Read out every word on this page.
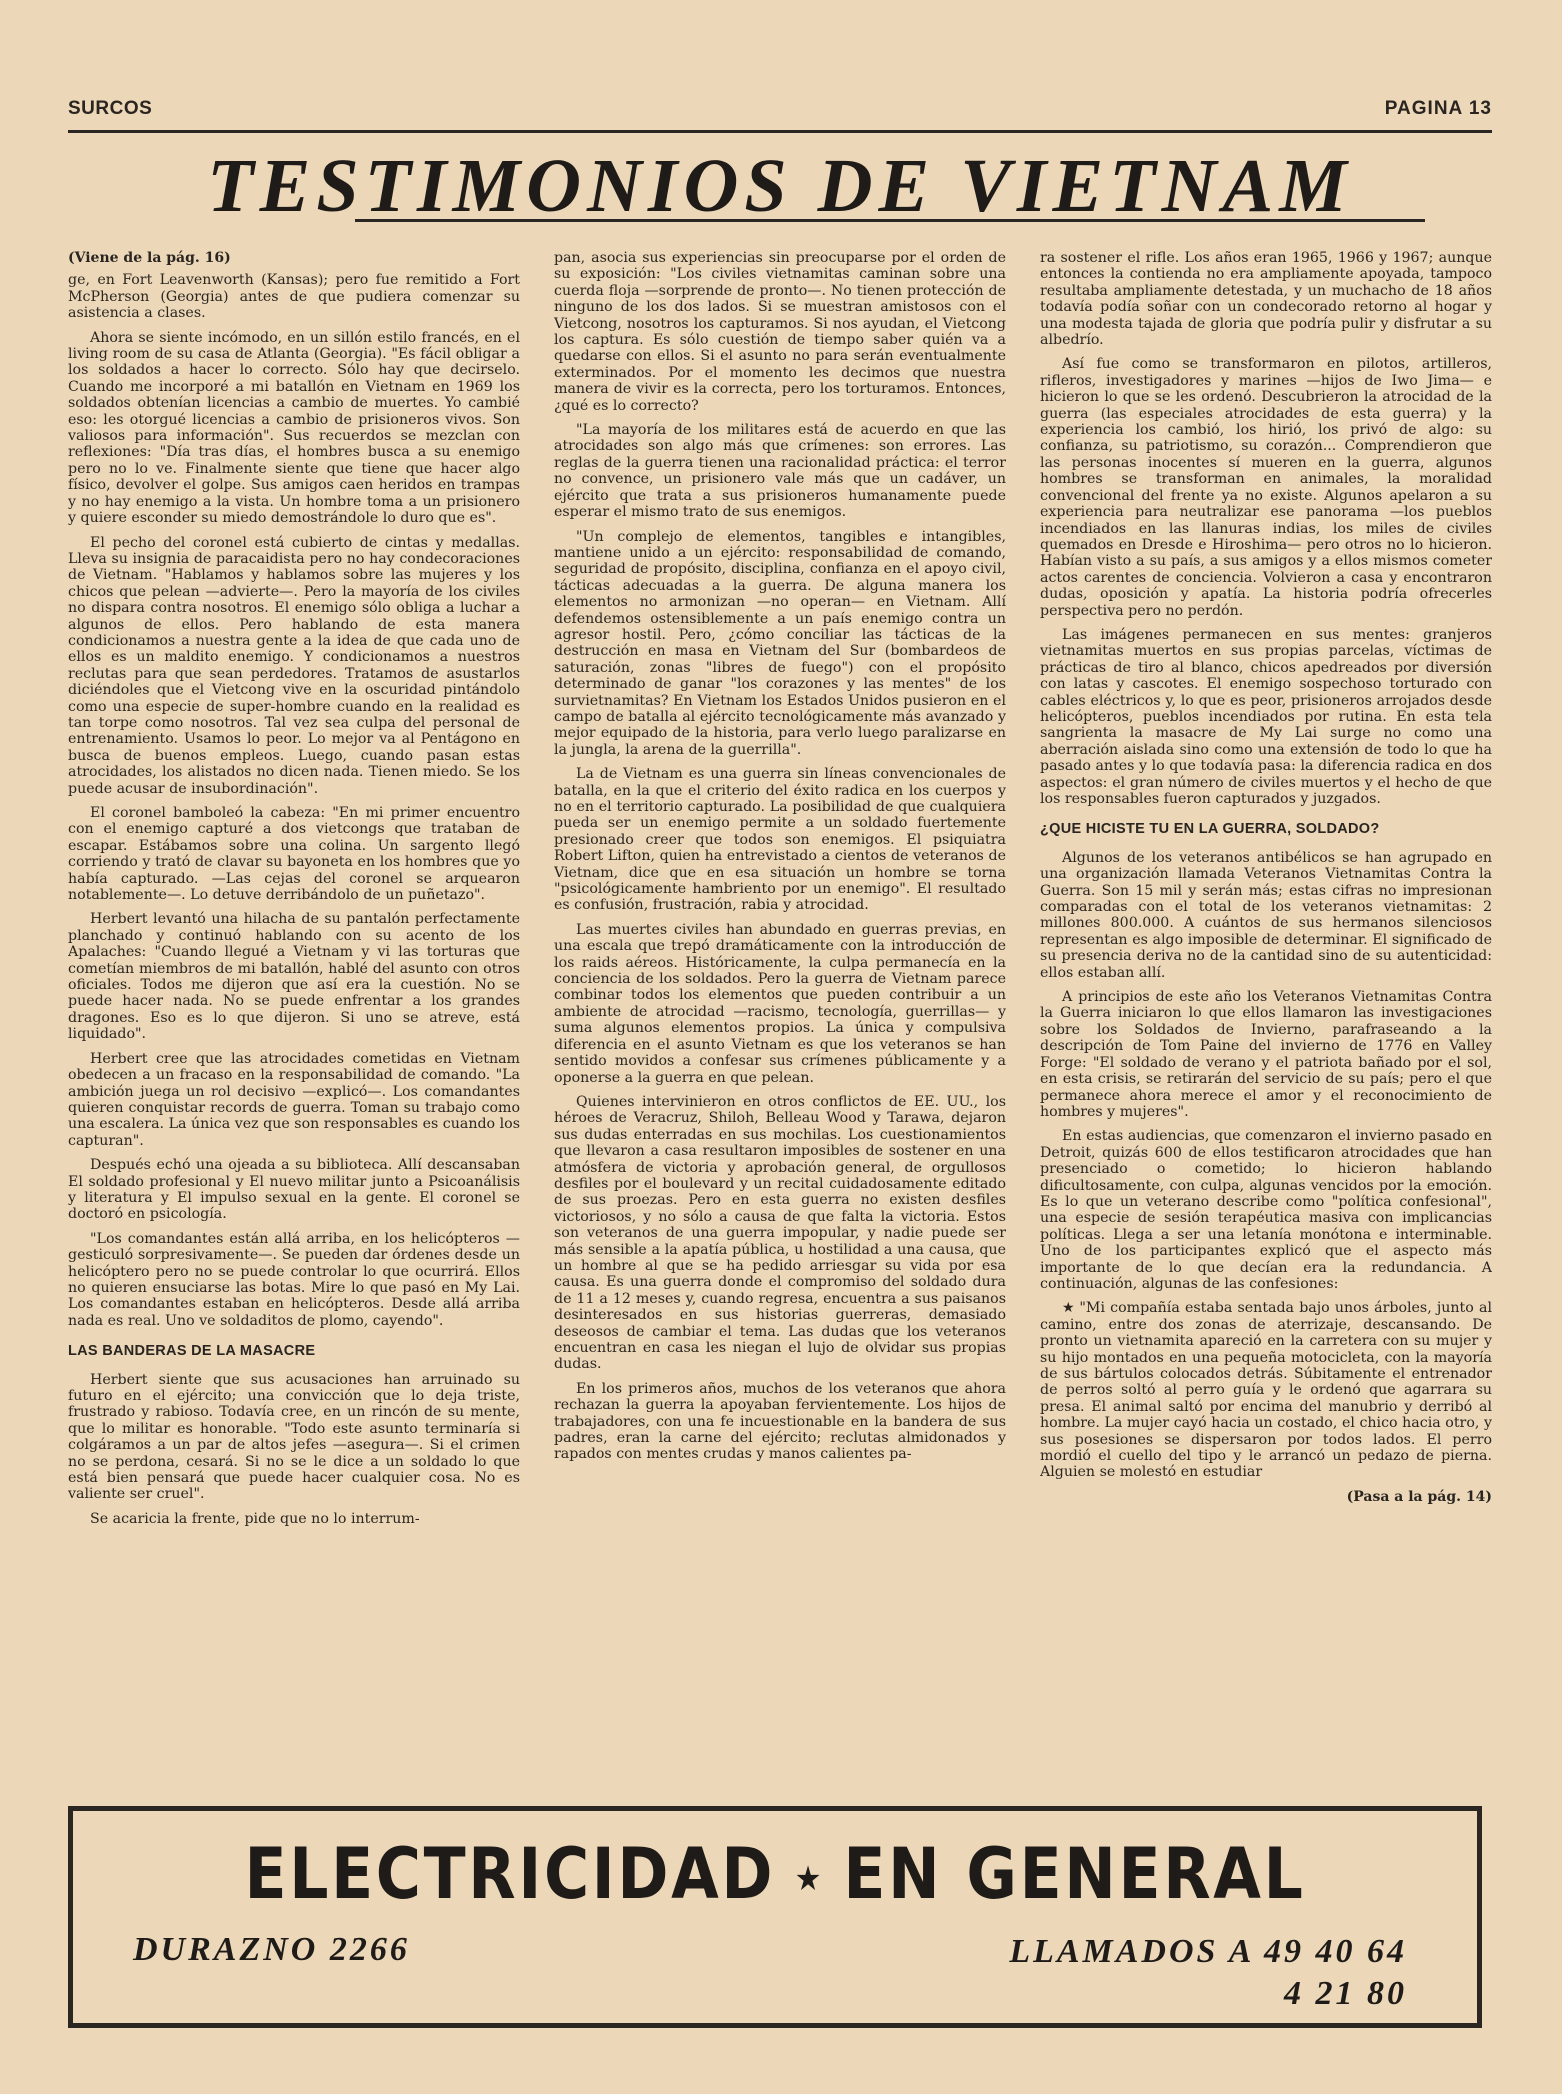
SURCOS	PAGINA 13
TESTIMONIOS DE VIETNAM
(Viene de la pág. 16)

ge, en Fort Leavenworth (Kansas); pero fue remitido a Fort McPherson (Georgia) antes de que pudiera comenzar su asistencia a clases.

Ahora se siente incómodo, en un sillón estilo francés, en el living room de su casa de Atlanta (Georgia). "Es fácil obligar a los soldados a hacer lo correcto. Sólo hay que decirselo. Cuando me incorporé a mi batallón en Vietnam en 1969 los soldados obtenían licencias a cambio de muertes. Yo cambié eso: les otorgué licencias a cambio de prisioneros vivos. Son valiosos para información". Sus recuerdos se mezclan con reflexiones: "Día tras días, el hombres busca a su enemigo pero no lo ve. Finalmente siente que tiene que hacer algo físico, devolver el golpe. Sus amigos caen heridos en trampas y no hay enemigo a la vista. Un hombre toma a un prisionero y quiere esconder su miedo demostrándole lo duro que es".

El pecho del coronel está cubierto de cintas y medallas. Lleva su insignia de paracaidista pero no hay condecoraciones de Vietnam. "Hablamos y hablamos sobre las mujeres y los chicos que pelean —advierte—. Pero la mayoría de los civiles no dispara contra nosotros. El enemigo sólo obliga a luchar a algunos de ellos. Pero hablando de esta manera condicionamos a nuestra gente a la idea de que cada uno de ellos es un maldito enemigo. Y condicionamos a nuestros reclutas para que sean perdedores. Tratamos de asustarlos diciéndoles que el Vietcong vive en la oscuridad pintándolo como una especie de super-hombre cuando en la realidad es tan torpe como nosotros. Tal vez sea culpa del personal de entrenamiento. Usamos lo peor. Lo mejor va al Pentágono en busca de buenos empleos. Luego, cuando pasan estas atrocidades, los alistados no dicen nada. Tienen miedo. Se los puede acusar de insubordinación".

El coronel bamboleó la cabeza: "En mi primer encuentro con el enemigo capturé a dos vietcongs que trataban de escapar. Estábamos sobre una colina. Un sargento llegó corriendo y trató de clavar su bayoneta en los hombres que yo había capturado. —Las cejas del coronel se arquearon notablemente—. Lo detuve derribándolo de un puñetazo".

Herbert levantó una hilacha de su pantalón perfectamente planchado y continuó hablando con su acento de los Apalaches: "Cuando llegué a Vietnam y vi las torturas que cometían miembros de mi batallón, hablé del asunto con otros oficiales. Todos me dijeron que así era la cuestión. No se puede hacer nada. No se puede enfrentar a los grandes dragones. Eso es lo que dijeron. Si uno se atreve, está liquidado".

Herbert cree que las atrocidades cometidas en Vietnam obedecen a un fracaso en la responsabilidad de comando. "La ambición juega un rol decisivo —explicó—. Los comandantes quieren conquistar records de guerra. Toman su trabajo como una escalera. La única vez que son responsables es cuando los capturan".

Después echó una ojeada a su biblioteca. Allí descansaban El soldado profesional y El nuevo militar junto a Psicoanálisis y literatura y El impulso sexual en la gente. El coronel se doctoró en psicología.

"Los comandantes están allá arriba, en los helicópteros —gesticuló sorpresivamente—. Se pueden dar órdenes desde un helicóptero pero no se puede controlar lo que ocurrirá. Ellos no quieren ensuciarse las botas. Mire lo que pasó en My Lai. Los comandantes estaban en helicópteros. Desde allá arriba nada es real. Uno ve soldaditos de plomo, cayendo".

LAS BANDERAS DE LA MASACRE

Herbert siente que sus acusaciones han arruinado su futuro en el ejército; una convicción que lo deja triste, frustrado y rabioso. Todavía cree, en un rincón de su mente, que lo militar es honorable. "Todo este asunto terminaría si colgáramos a un par de altos jefes —asegura—. Si el crimen no se perdona, cesará. Si no se le dice a un soldado lo que está bien pensará que puede hacer cualquier cosa. No es valiente ser cruel".

Se acaricia la frente, pide que no lo interrum-

pan, asocia sus experiencias sin preocuparse por el orden de su exposición: "Los civiles vietnamitas caminan sobre una cuerda floja —sorprende de pronto—. No tienen protección de ninguno de los dos lados. Si se muestran amistosos con el Vietcong, nosotros los capturamos. Si nos ayudan, el Vietcong los captura. Es sólo cuestión de tiempo saber quién va a quedarse con ellos. Si el asunto no para serán eventualmente exterminados. Por el momento les decimos que nuestra manera de vivir es la correcta, pero los torturamos. Entonces, ¿qué es lo correcto?

"La mayoría de los militares está de acuerdo en que las atrocidades son algo más que crímenes: son errores. Las reglas de la guerra tienen una racionalidad práctica: el terror no convence, un prisionero vale más que un cadáver, un ejército que trata a sus prisioneros humanamente puede esperar el mismo trato de sus enemigos.

"Un complejo de elementos, tangibles e intangibles, mantiene unido a un ejército: responsabilidad de comando, seguridad de propósito, disciplina, confianza en el apoyo civil, tácticas adecuadas a la guerra. De alguna manera los elementos no armonizan —no operan— en Vietnam. Allí defendemos ostensiblemente a un país enemigo contra un agresor hostil. Pero, ¿cómo conciliar las tácticas de la destrucción en masa en Vietnam del Sur (bombardeos de saturación, zonas "libres de fuego") con el propósito determinado de ganar "los corazones y las mentes" de los survietnamitas? En Vietnam los Estados Unidos pusieron en el campo de batalla al ejército tecnológicamente más avanzado y mejor equipado de la historia, para verlo luego paralizarse en la jungla, la arena de la guerrilla".

La de Vietnam es una guerra sin líneas convencionales de batalla, en la que el criterio del éxito radica en los cuerpos y no en el territorio capturado. La posibilidad de que cualquiera pueda ser un enemigo permite a un soldado fuertemente presionado creer que todos son enemigos. El psiquiatra Robert Lifton, quien ha entrevistado a cientos de veteranos de Vietnam, dice que en esa situación un hombre se torna "psicológicamente hambriento por un enemigo". El resultado es confusión, frustración, rabia y atrocidad.

Las muertes civiles han abundado en guerras previas, en una escala que trepó dramáticamente con la introducción de los raids aéreos. Históricamente, la culpa permanecía en la conciencia de los soldados. Pero la guerra de Vietnam parece combinar todos los elementos que pueden contribuir a un ambiente de atrocidad —racismo, tecnología, guerrillas— y suma algunos elementos propios. La única y compulsiva diferencia en el asunto Vietnam es que los veteranos se han sentido movidos a confesar sus crímenes públicamente y a oponerse a la guerra en que pelean.

Quienes intervinieron en otros conflictos de EE. UU., los héroes de Veracruz, Shiloh, Belleau Wood y Tarawa, dejaron sus dudas enterradas en sus mochilas. Los cuestionamientos que llevaron a casa resultaron imposibles de sostener en una atmósfera de victoria y aprobación general, de orgullosos desfiles por el boulevard y un recital cuidadosamente editado de sus proezas. Pero en esta guerra no existen desfiles victoriosos, y no sólo a causa de que falta la victoria. Estos son veteranos de una guerra impopular, y nadie puede ser más sensible a la apatía pública, u hostilidad a una causa, que un hombre al que se ha pedido arriesgar su vida por esa causa. Es una guerra donde el compromiso del soldado dura de 11 a 12 meses y, cuando regresa, encuentra a sus paisanos desinteresados en sus historias guerreras, demasiado deseosos de cambiar el tema. Las dudas que los veteranos encuentran en casa les niegan el lujo de olvidar sus propias dudas.

En los primeros años, muchos de los veteranos que ahora rechazan la guerra la apoyaban fervientemente. Los hijos de trabajadores, con una fe incuestionable en la bandera de sus padres, eran la carne del ejército; reclutas almidonados y rapados con mentes crudas y manos calientes pa-

ra sostener el rifle. Los años eran 1965, 1966 y 1967; aunque entonces la contienda no era ampliamente apoyada, tampoco resultaba ampliamente detestada, y un muchacho de 18 años todavía podía soñar con un condecorado retorno al hogar y una modesta tajada de gloria que podría pulir y disfrutar a su albedrío.

Así fue como se transformaron en pilotos, artilleros, rifleros, investigadores y marines —hijos de Iwo Jima— e hicieron lo que se les ordenó. Descubrieron la atrocidad de la guerra (las especiales atrocidades de esta guerra) y la experiencia los cambió, los hirió, los privó de algo: su confianza, su patriotismo, su corazón... Comprendieron que las personas inocentes sí mueren en la guerra, algunos hombres se transforman en animales, la moralidad convencional del frente ya no existe. Algunos apelaron a su experiencia para neutralizar ese panorama —los pueblos incendiados en las llanuras indias, los miles de civiles quemados en Dresde e Hiroshima— pero otros no lo hicieron. Habían visto a su país, a sus amigos y a ellos mismos cometer actos carentes de conciencia. Volvieron a casa y encontraron dudas, oposición y apatía. La historia podría ofrecerles perspectiva pero no perdón.

Las imágenes permanecen en sus mentes: granjeros vietnamitas muertos en sus propias parcelas, víctimas de prácticas de tiro al blanco, chicos apedreados por diversión con latas y cascotes. El enemigo sospechoso torturado con cables eléctricos y, lo que es peor, prisioneros arrojados desde helicópteros, pueblos incendiados por rutina. En esta tela sangrienta la masacre de My Lai surge no como una aberración aislada sino como una extensión de todo lo que ha pasado antes y lo que todavía pasa: la diferencia radica en dos aspectos: el gran número de civiles muertos y el hecho de que los responsables fueron capturados y juzgados.

¿QUE HICISTE TU EN LA GUERRA, SOLDADO?

Algunos de los veteranos antibélicos se han agrupado en una organización llamada Veteranos Vietnamitas Contra la Guerra. Son 15 mil y serán más; estas cifras no impresionan comparadas con el total de los veteranos vietnamitas: 2 millones 800.000. A cuántos de sus hermanos silenciosos representan es algo imposible de determinar. El significado de su presencia deriva no de la cantidad sino de su autenticidad: ellos estaban allí.

A principios de este año los Veteranos Vietnamitas Contra la Guerra iniciaron lo que ellos llamaron las investigaciones sobre los Soldados de Invierno, parafraseando a la descripción de Tom Paine del invierno de 1776 en Valley Forge: "El soldado de verano y el patriota bañado por el sol, en esta crisis, se retirarán del servicio de su país; pero el que permanece ahora merece el amor y el reconocimiento de hombres y mujeres".

En estas audiencias, que comenzaron el invierno pasado en Detroit, quizás 600 de ellos testificaron atrocidades que han presenciado o cometido; lo hicieron hablando dificultosamente, con culpa, algunas vencidos por la emoción. Es lo que un veterano describe como "política confesional", una especie de sesión terapéutica masiva con implicancias políticas. Llega a ser una letanía monótona e interminable. Uno de los participantes explicó que el aspecto más importante de lo que decían era la redundancia. A continuación, algunas de las confesiones:

★ "Mi compañía estaba sentada bajo unos árboles, junto al camino, entre dos zonas de aterrizaje, descansando. De pronto un vietnamita apareció en la carretera con su mujer y su hijo montados en una pequeña motocicleta, con la mayoría de sus bártulos colocados detrás. Súbitamente el entrenador de perros soltó al perro guía y le ordenó que agarrara su presa. El animal saltó por encima del manubrio y derribó al hombre. La mujer cayó hacia un costado, el chico hacia otro, y sus posesiones se dispersaron por todos lados. El perro mordió el cuello del tipo y le arrancó un pedazo de pierna. Alguien se molestó en estudiar

(Pasa a la pág. 14)
ELECTRICIDAD ★ EN GENERAL
DURAZNO 2266	LLAMADOS A 49 40 64
4 21 80
